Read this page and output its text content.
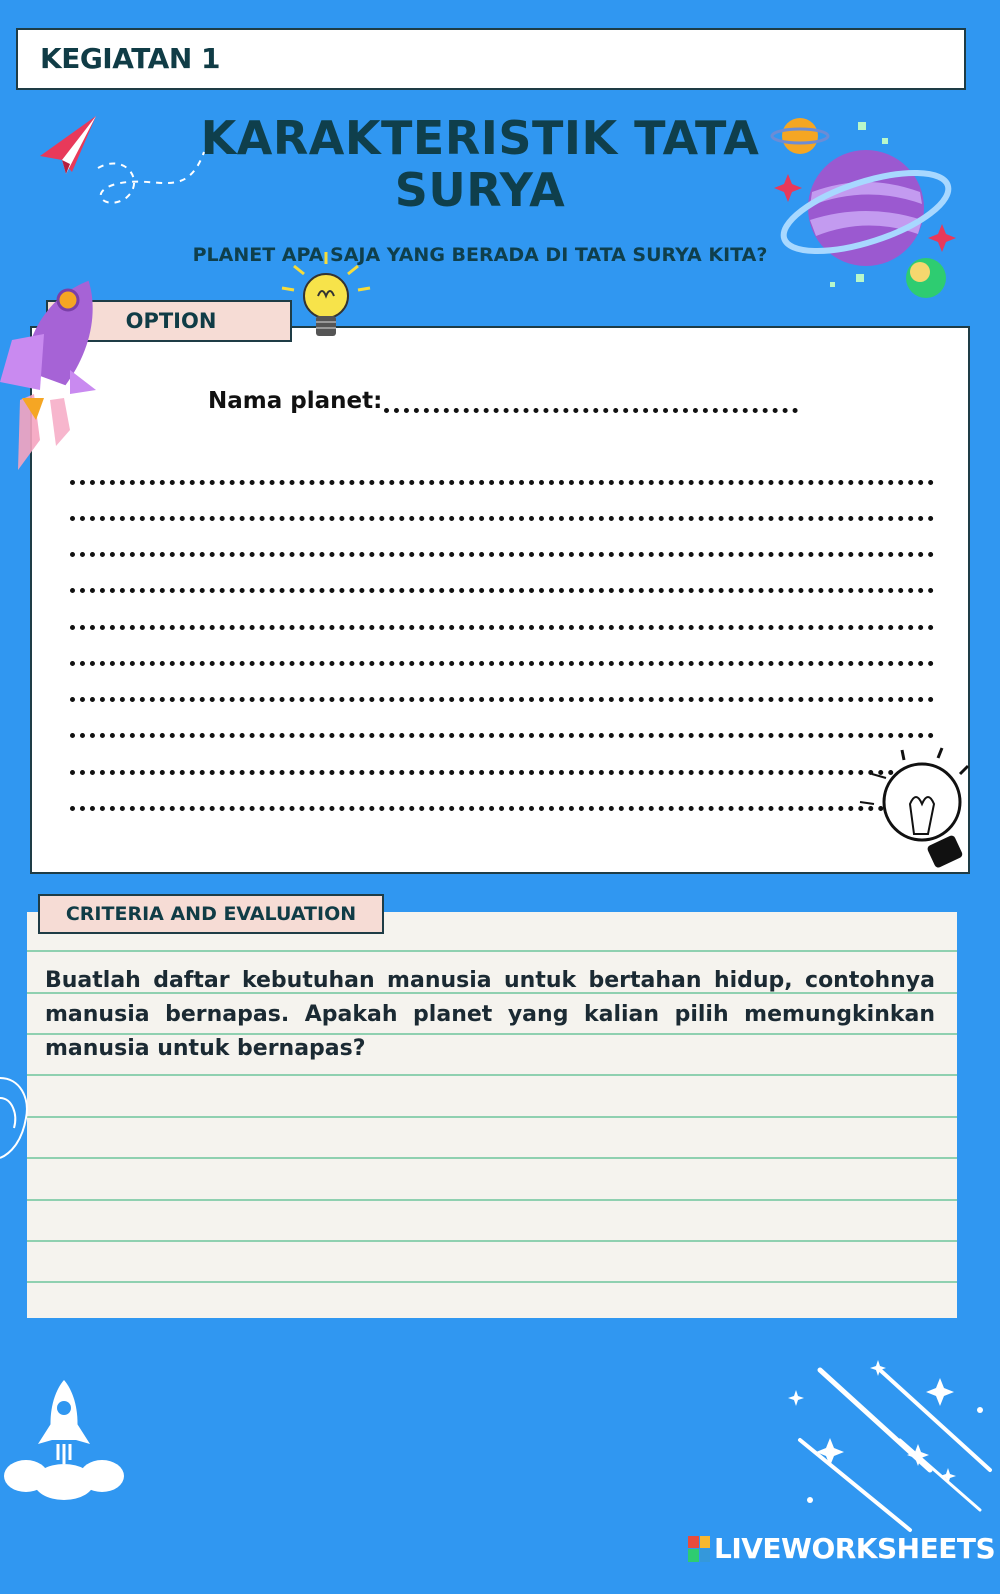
KEGIATAN 1
KARAKTERISTIK TATA
SURYA
PLANET APA SAJA YANG BERADA DI TATA SURYA KITA?
OPTION
Nama planet:
CRITERIA AND EVALUATION
Buatlah daftar kebutuhan manusia untuk bertahan hidup, contohnya manusia bernapas. Apakah planet yang kalian pilih memungkinkan manusia untuk bernapas?
LIVEWORKSHEETS
